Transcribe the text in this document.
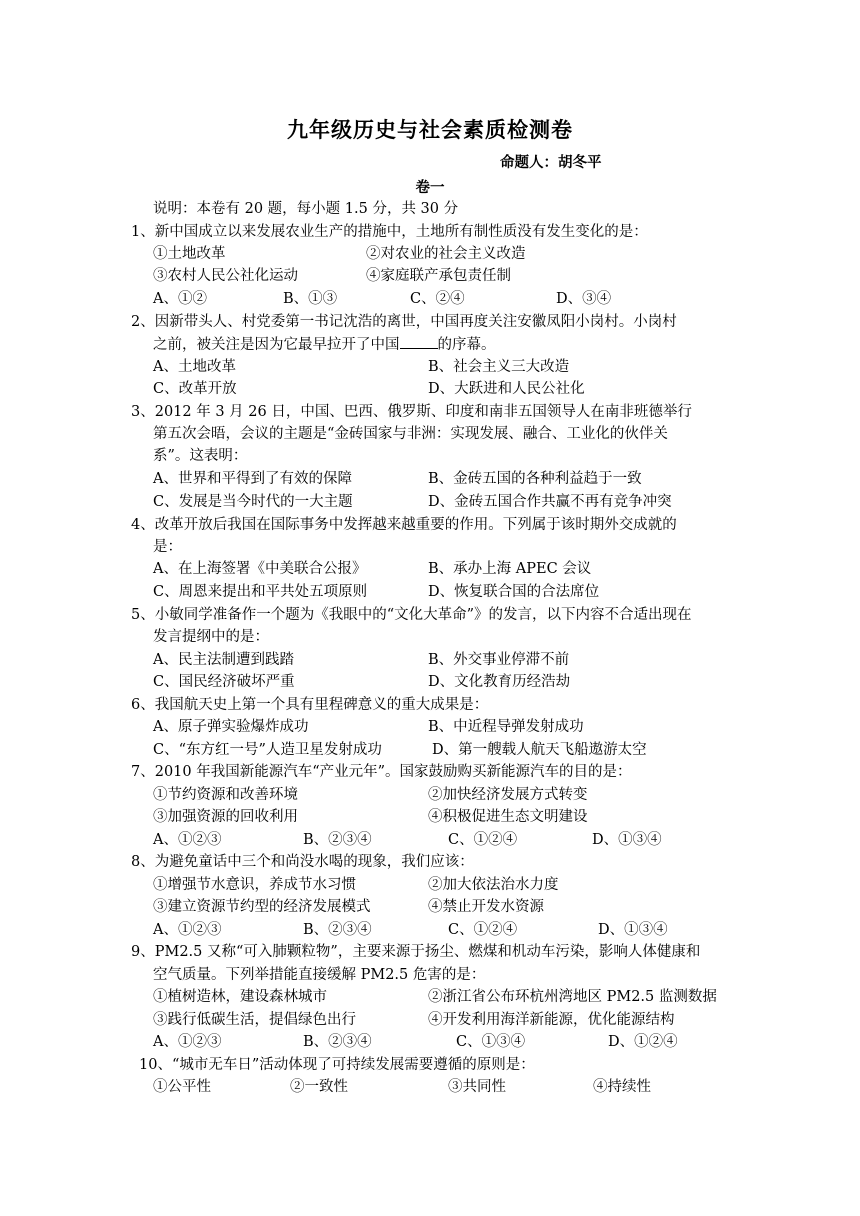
九年级历史与社会素质检测卷
命题人：胡冬平
卷一
说明：本卷有 20 题，每小题 1.5 分，共 30 分
1、新中国成立以来发展农业生产的措施中，土地所有制性质没有发生变化的是：
①土地改革	②对农业的社会主义改造
③农村人民公社化运动	④家庭联产承包责任制
A、①②	B、①③	C、②④	D、③④
2、因新带头人、村党委第一书记沈浩的离世，中国再度关注安徽凤阳小岗村。小岗村
之前，被关注是因为它最早拉开了中国	的序幕。
A、土地改革	B、社会主义三大改造
C、改革开放	D、大跃进和人民公社化
3、2012 年 3 月 26 日，中国、巴西、俄罗斯、印度和南非五国领导人在南非班德举行
第五次会晤，会议的主题是“金砖国家与非洲：实现发展、融合、工业化的伙伴关
系”。这表明：
A、世界和平得到了有效的保障	B、金砖五国的各种利益趋于一致
C、发展是当今时代的一大主题	D、金砖五国合作共赢不再有竞争冲突
4、改革开放后我国在国际事务中发挥越来越重要的作用。下列属于该时期外交成就的
是：
A、在上海签署《中美联合公报》	B、承办上海 APEC 会议
C、周恩来提出和平共处五项原则	D、恢复联合国的合法席位
5、小敏同学准备作一个题为《我眼中的“文化大革命”》的发言，以下内容不合适出现在
发言提纲中的是：
A、民主法制遭到践踏	B、外交事业停滞不前
C、国民经济破坏严重	D、文化教育历经浩劫
6、我国航天史上第一个具有里程碑意义的重大成果是：
A、原子弹实验爆炸成功	B、中近程导弹发射成功
C、“东方红一号”人造卫星发射成功	D、第一艘载人航天飞船遨游太空
7、2010 年我国新能源汽车“产业元年”。国家鼓励购买新能源汽车的目的是：
①节约资源和改善环境	②加快经济发展方式转变
③加强资源的回收利用	④积极促进生态文明建设
A、①②③	B、②③④	C、①②④	D、①③④
8、为避免童话中三个和尚没水喝的现象，我们应该：
①增强节水意识，养成节水习惯	②加大依法治水力度
③建立资源节约型的经济发展模式	④禁止开发水资源
A、①②③	B、②③④	C、①②④	D、①③④
9、PM2.5 又称“可入肺颗粒物”，主要来源于扬尘、燃煤和机动车污染，影响人体健康和
空气质量。下列举措能直接缓解 PM2.5 危害的是：
①植树造林，建设森林城市	②浙江省公布环杭州湾地区 PM2.5 监测数据
③践行低碳生活，提倡绿色出行	④开发利用海洋新能源，优化能源结构
A、①②③	B、②③④	C、①③④	D、①②④
10、“城市无车日”活动体现了可持续发展需要遵循的原则是：
①公平性	②一致性	③共同性	④持续性
